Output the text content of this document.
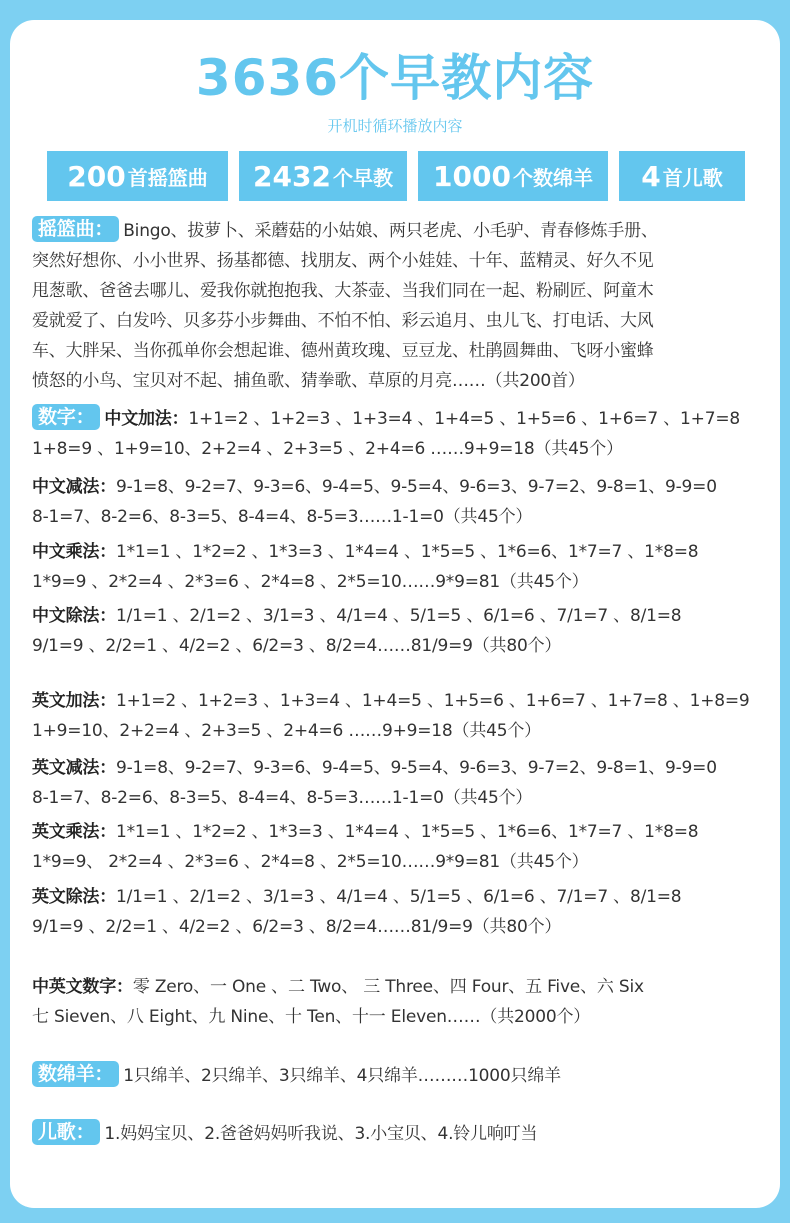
3636个早教内容
开机时循环播放内容
200 首摇篮曲 2432 个早教 1000 个数绵羊 4 首儿歌
摇篮曲： Bingo、拔萝卜、采蘑菇的小姑娘、两只老虎、小毛驴、青春修炼手册、
突然好想你、小小世界、扬基都德、找朋友、两个小娃娃、十年、蓝精灵、好久不见
甩葱歌、爸爸去哪儿、爱我你就抱抱我、大茶壶、当我们同在一起、粉刷匠、阿童木
爱就爱了、白发吟、贝多芬小步舞曲、不怕不怕、彩云追月、虫儿飞、打电话、大风
车、大胖呆、当你孤单你会想起谁、德州黄玫瑰、豆豆龙、杜鹃圆舞曲、飞呀小蜜蜂
愤怒的小鸟、宝贝对不起、捕鱼歌、猜拳歌、草原的月亮……（共200首）
数字： 中文加法：1+1=2 、1+2=3 、1+3=4 、1+4=5 、1+5=6 、1+6=7 、1+7=8
1+8=9 、1+9=10、2+2=4 、2+3=5 、2+4=6 ……9+9=18（共45个）
中文减法：9-1=8、9-2=7、9-3=6、9-4=5、9-5=4、9-6=3、9-7=2、9-8=1、9-9=0
8-1=7、8-2=6、8-3=5、8-4=4、8-5=3……1-1=0（共45个）
中文乘法：1*1=1 、1*2=2 、1*3=3 、1*4=4 、1*5=5 、1*6=6、1*7=7 、1*8=8
1*9=9 、2*2=4 、2*3=6 、2*4=8 、2*5=10……9*9=81（共45个）
中文除法：1/1=1 、2/1=2 、3/1=3 、4/1=4 、5/1=5 、6/1=6 、7/1=7 、8/1=8
9/1=9 、2/2=1 、4/2=2 、6/2=3 、8/2=4……81/9=9（共80个）
英文加法：1+1=2 、1+2=3 、1+3=4 、1+4=5 、1+5=6 、1+6=7 、1+7=8 、1+8=9
1+9=10、2+2=4 、2+3=5 、2+4=6 ……9+9=18（共45个）
英文减法：9-1=8、9-2=7、9-3=6、9-4=5、9-5=4、9-6=3、9-7=2、9-8=1、9-9=0
8-1=7、8-2=6、8-3=5、8-4=4、8-5=3……1-1=0（共45个）
英文乘法：1*1=1 、1*2=2 、1*3=3 、1*4=4 、1*5=5 、1*6=6、1*7=7 、1*8=8
1*9=9、 2*2=4 、2*3=6 、2*4=8 、2*5=10……9*9=81（共45个）
英文除法：1/1=1 、2/1=2 、3/1=3 、4/1=4 、5/1=5 、6/1=6 、7/1=7 、8/1=8
9/1=9 、2/2=1 、4/2=2 、6/2=3 、8/2=4……81/9=9（共80个）
中英文数字：零 Zero、一 One 、二 Two、 三 Three、四 Four、五 Five、六 Six
七 Sieven、八 Eight、九 Nine、十 Ten、十一 Eleven……（共2000个）
数绵羊： 1只绵羊、2只绵羊、3只绵羊、4只绵羊………1000只绵羊
儿歌： 1.妈妈宝贝、2.爸爸妈妈听我说、3.小宝贝、4.铃儿响叮当
